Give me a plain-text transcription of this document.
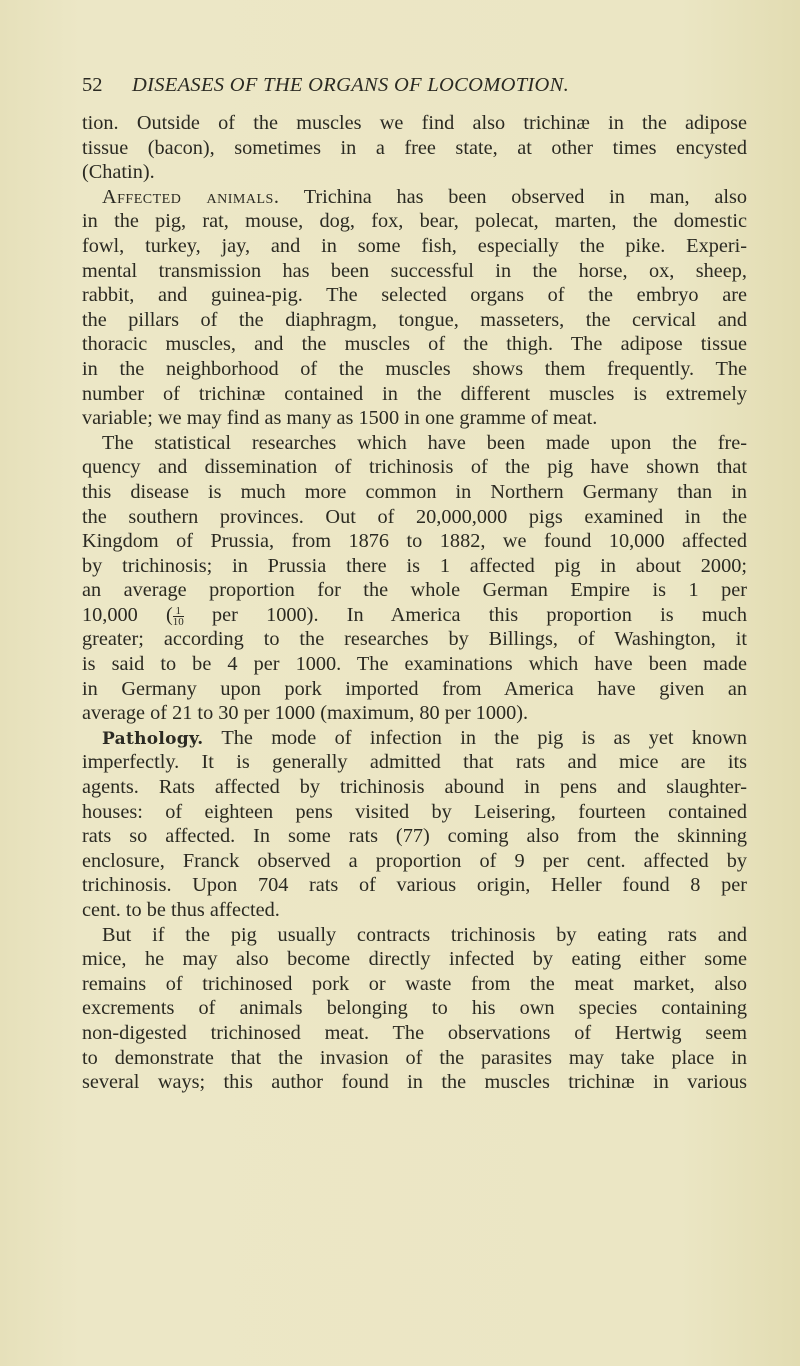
52 DISEASES OF THE ORGANS OF LOCOMOTION.
tion. Outside of the muscles we find also trichinæ in the adipose
tissue (bacon), sometimes in a free state, at other times encysted
(Chatin).
Affected animals. Trichina has been observed in man, also
in the pig, rat, mouse, dog, fox, bear, polecat, marten, the domestic
fowl, turkey, jay, and in some fish, especially the pike. Experi-
mental transmission has been successful in the horse, ox, sheep,
rabbit, and guinea-pig. The selected organs of the embryo are
the pillars of the diaphragm, tongue, masseters, the cervical and
thoracic muscles, and the muscles of the thigh. The adipose tissue
in the neighborhood of the muscles shows them frequently. The
number of trichinæ contained in the different muscles is extremely
variable; we may find as many as 1500 in one gramme of meat.
The statistical researches which have been made upon the fre-
quency and dissemination of trichinosis of the pig have shown that
this disease is much more common in Northern Germany than in
the southern provinces. Out of 20,000,000 pigs examined in the
Kingdom of Prussia, from 1876 to 1882, we found 10,000 affected
by trichinosis; in Prussia there is 1 affected pig in about 2000;
an average proportion for the whole German Empire is 1 per
10,000 ( $\frac{1}{10}$ per 1000). In America this proportion is much
greater; according to the researches by Billings, of Washington, it
is said to be 4 per 1000. The examinations which have been made
in Germany upon pork imported from America have given an
average of 21 to 30 per 1000 (maximum, 80 per 1000).
Pathology. The mode of infection in the pig is as yet known
imperfectly. It is generally admitted that rats and mice are its
agents. Rats affected by trichinosis abound in pens and slaughter-
houses: of eighteen pens visited by Leisering, fourteen contained
rats so affected. In some rats (77) coming also from the skinning
enclosure, Franck observed a proportion of 9 per cent. affected by
trichinosis. Upon 704 rats of various origin, Heller found 8 per
cent. to be thus affected.
But if the pig usually contracts trichinosis by eating rats and
mice, he may also become directly infected by eating either some
remains of trichinosed pork or waste from the meat market, also
excrements of animals belonging to his own species containing
non-digested trichinosed meat. The observations of Hertwig seem
to demonstrate that the invasion of the parasites may take place in
several ways; this author found in the muscles trichinæ in various
